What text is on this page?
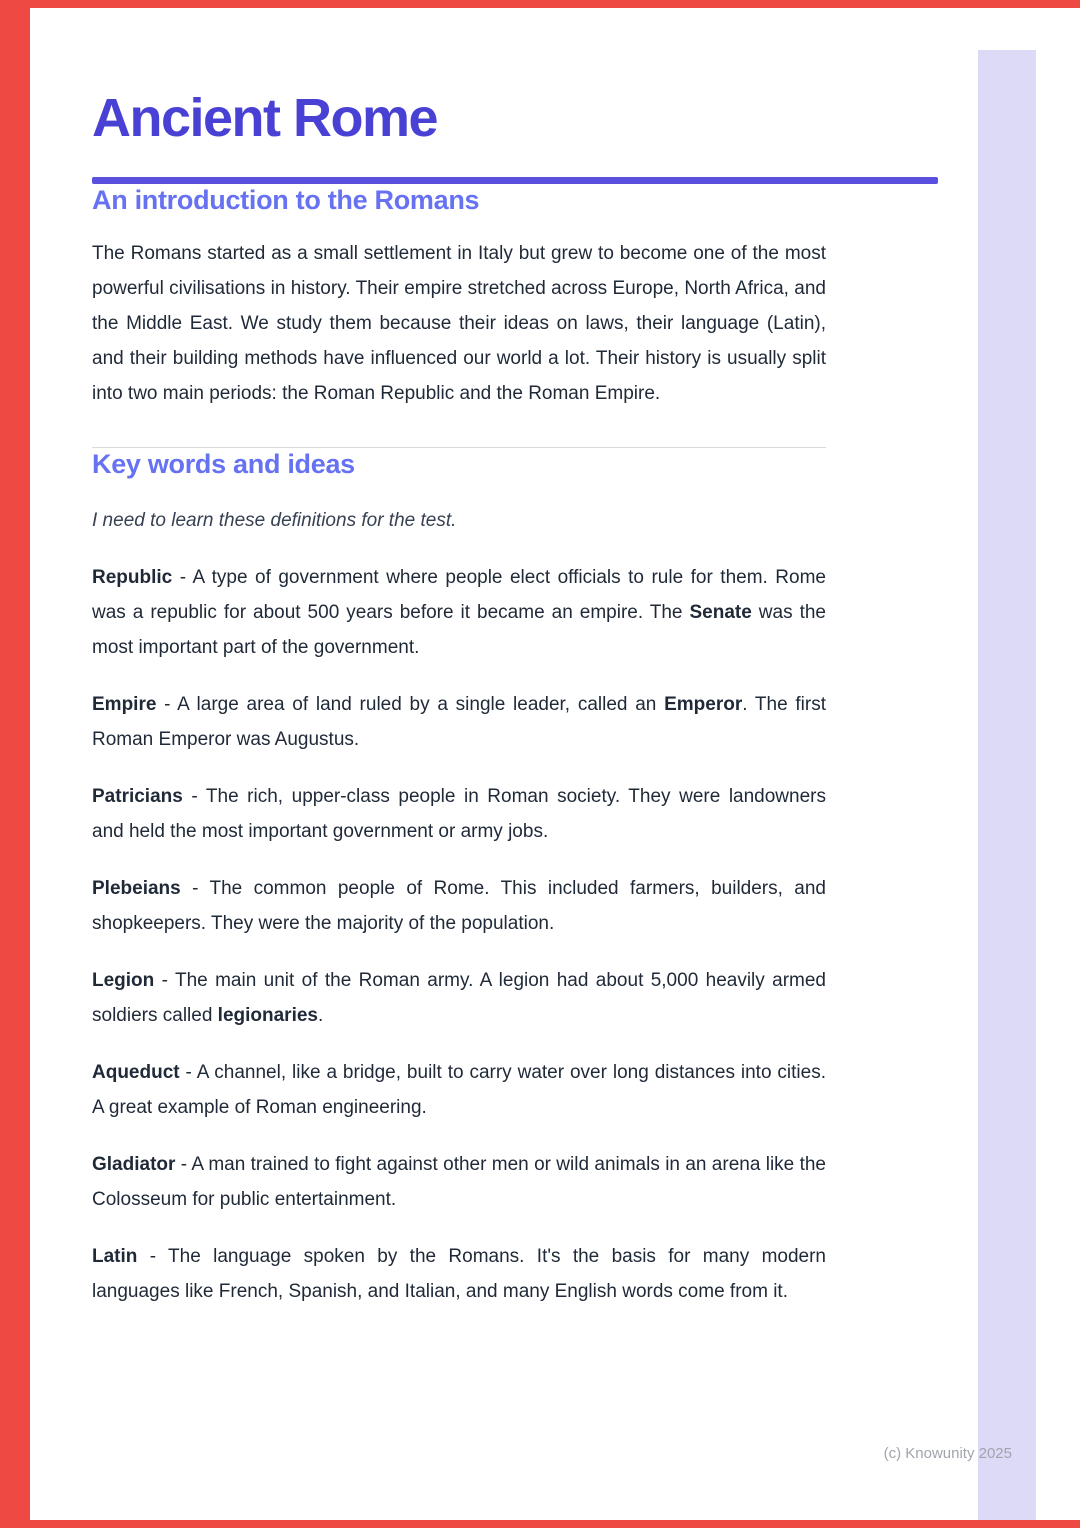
Ancient Rome
An introduction to the Romans

The Romans started as a small settlement in Italy but grew to become one of the most powerful civilisations in history. Their empire stretched across Europe, North Africa, and the Middle East. We study them because their ideas on laws, their language (Latin), and their building methods have influenced our world a lot. Their history is usually split into two main periods: the Roman Republic and the Roman Empire.

Key words and ideas

I need to learn these definitions for the test.

Republic - A type of government where people elect officials to rule for them. Rome was a republic for about 500 years before it became an empire. The Senate was the most important part of the government.

Empire - A large area of land ruled by a single leader, called an Emperor. The first Roman Emperor was Augustus.

Patricians - The rich, upper-class people in Roman society. They were landowners and held the most important government or army jobs.

Plebeians - The common people of Rome. This included farmers, builders, and shopkeepers. They were the majority of the population.

Legion - The main unit of the Roman army. A legion had about 5,000 heavily armed soldiers called legionaries.

Aqueduct - A channel, like a bridge, built to carry water over long distances into cities. A great example of Roman engineering.

Gladiator - A man trained to fight against other men or wild animals in an arena like the Colosseum for public entertainment.

Latin - The language spoken by the Romans. It's the basis for many modern languages like French, Spanish, and Italian, and many English words come from it.

(c) Knowunity 2025
